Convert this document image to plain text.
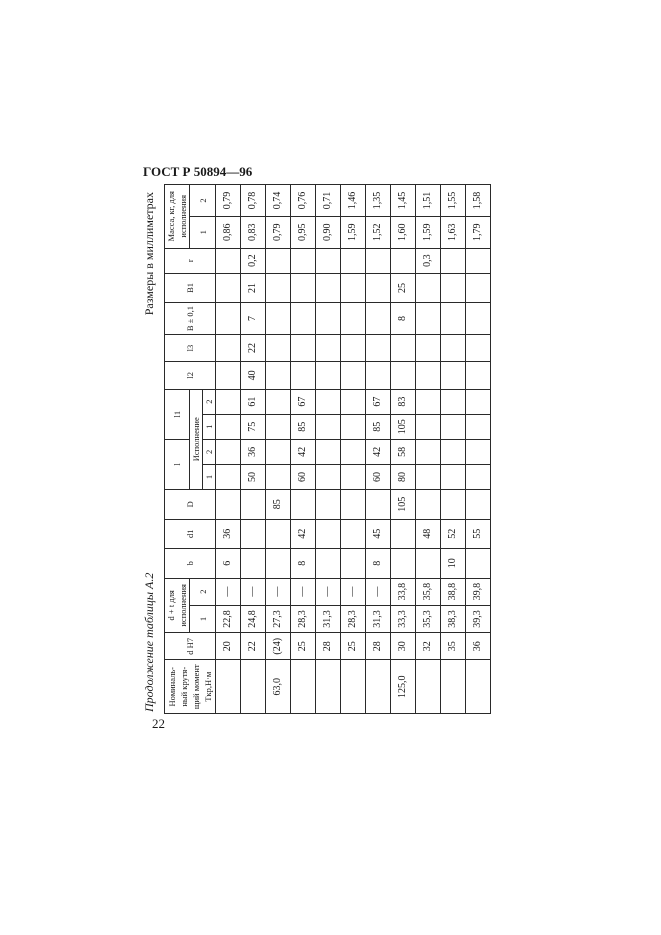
ГОСТ Р 50894—96
Продолжение таблицы А.2
Размеры в миллиметрах
Номиналь-ный крутя-щий момент Tкр,Н·м	d H7	d + t для исполнения		b	d1	D	l		l1		l2	l3	B ± 0,1	B1	r	Масса, кг, для исполнения	
		1	2				Исполнение									1	2
							1	2	1	2							
	20	22,8	—	6	36											0,86	0,79
	22	24,8	—				50	36	75	61	40	22	7	21	0,2	0,83	0,78
63,0	(24)	27,3	—			85										0,79	0,74
	25	28,3	—	8	42		60	42	85	67						0,95	0,76
	28	31,3	—													0,90	0,71
	25	28,3	—													1,59	1,46
	28	31,3	—	8	45		60	42	85	67						1,52	1,35
125,0	30	33,3	33,8			105	80	58	105	83			8	25		1,60	1,45
	32	35,3	35,8		48										0,3	1,59	1,51
	35	38,3	38,8	10	52											1,63	1,55
	36	39,3	39,8		55											1,79	1,58
22
